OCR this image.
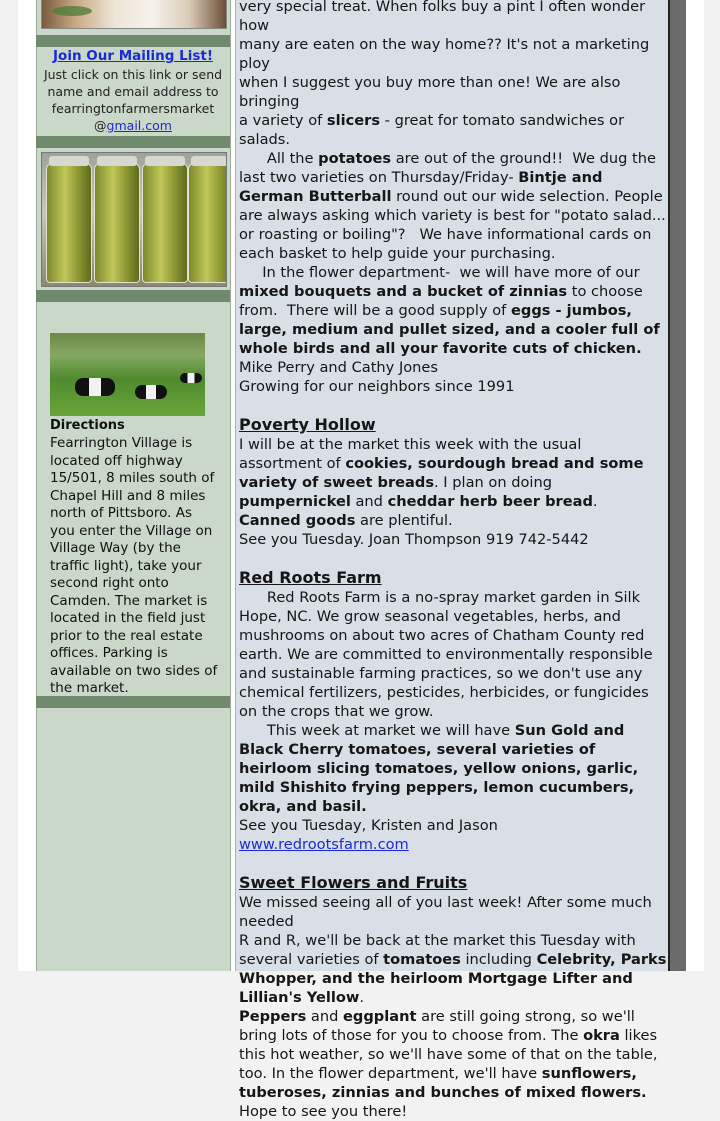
Join Our Mailing List!
Just click on this link or send name and email address to fearringtonfarmersmarket @gmail.com
Directions
Fearrington Village is located off highway 15/501, 8 miles south of Chapel Hill and 8 miles north of Pittsboro. As you enter the Village on Village Way (by the traffic light), take your second right onto Camden. The market is located in the field just prior to the real estate offices. Parking is available on two sides of the market.

very special treat. When folks buy a pint I often wonder how

many are eaten on the way home?? It's not a marketing ploy

when I suggest you buy more than one! We are also bringing

a variety of slicers - great for tomato sandwiches or salads.

All the potatoes are out of the ground!!  We dug the last two varieties on Thursday/Friday- Bintje and German Butterball round out our wide selection. People are always asking which variety is best for "potato salad... or roasting or boiling"?   We have informational cards on each basket to help guide your purchasing.

In the flower department-  we will have more of our mixed bouquets and a bucket of zinnias to choose from.  There will be a good supply of eggs - jumbos, large, medium and pullet sized, and a cooler full of whole birds and all your favorite cuts of chicken.

Mike Perry and Cathy Jones

Growing for our neighbors since 1991

Poverty Hollow

I will be at the market this week with the usual assortment of cookies, sourdough bread and some variety of sweet breads. I plan on doing pumpernickel and cheddar herb beer bread.

Canned goods are plentiful.

See you Tuesday. Joan Thompson 919 742-5442

Red Roots Farm

Red Roots Farm is a no-spray market garden in Silk Hope, NC. We grow seasonal vegetables, herbs, and mushrooms on about two acres of Chatham County red earth. We are committed to environmentally responsible and sustainable farming practices, so we don't use any chemical fertilizers, pesticides, herbicides, or fungicides on the crops that we grow.

This week at market we will have Sun Gold and Black Cherry tomatoes, several varieties of heirloom slicing tomatoes, yellow onions, garlic, mild Shishito frying peppers, lemon cucumbers, okra, and basil.

See you Tuesday, Kristen and Jason

www.redrootsfarm.com

Sweet Flowers and Fruits

We missed seeing all of you last week! After some much

needed

R and R, we'll be back at the market this Tuesday with several varieties of tomatoes including Celebrity, Parks Whopper, and the heirloom Mortgage Lifter and Lillian's Yellow.

Peppers and eggplant are still going strong, so we'll bring lots of those for you to choose from. The okra likes this hot weather, so we'll have some of that on the table, too. In the flower department, we'll have sunflowers, tuberoses, zinnias and bunches of mixed flowers. Hope to see you there!
